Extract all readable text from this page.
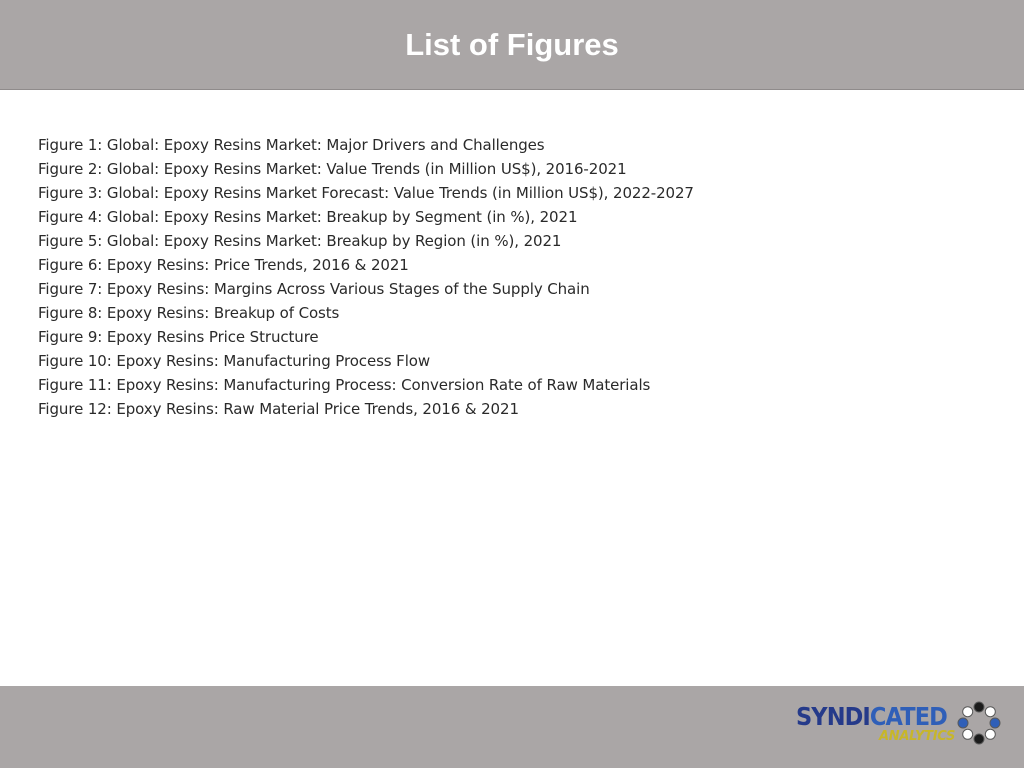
List of Figures
Figure 1: Global: Epoxy Resins Market: Major Drivers and Challenges
Figure 2: Global: Epoxy Resins Market: Value Trends (in Million US$), 2016-2021
Figure 3: Global: Epoxy Resins Market Forecast: Value Trends (in Million US$), 2022-2027
Figure 4: Global: Epoxy Resins Market: Breakup by Segment (in %), 2021
Figure 5: Global: Epoxy Resins Market: Breakup by Region (in %), 2021
Figure 6: Epoxy Resins: Price Trends, 2016 & 2021
Figure 7: Epoxy Resins: Margins Across Various Stages of the Supply Chain
Figure 8: Epoxy Resins: Breakup of Costs
Figure 9: Epoxy Resins Price Structure
Figure 10: Epoxy Resins: Manufacturing Process Flow
Figure 11: Epoxy Resins: Manufacturing Process: Conversion Rate of Raw Materials
Figure 12: Epoxy Resins: Raw Material Price Trends, 2016 & 2021
SYNDICATED
ANALYTICS
